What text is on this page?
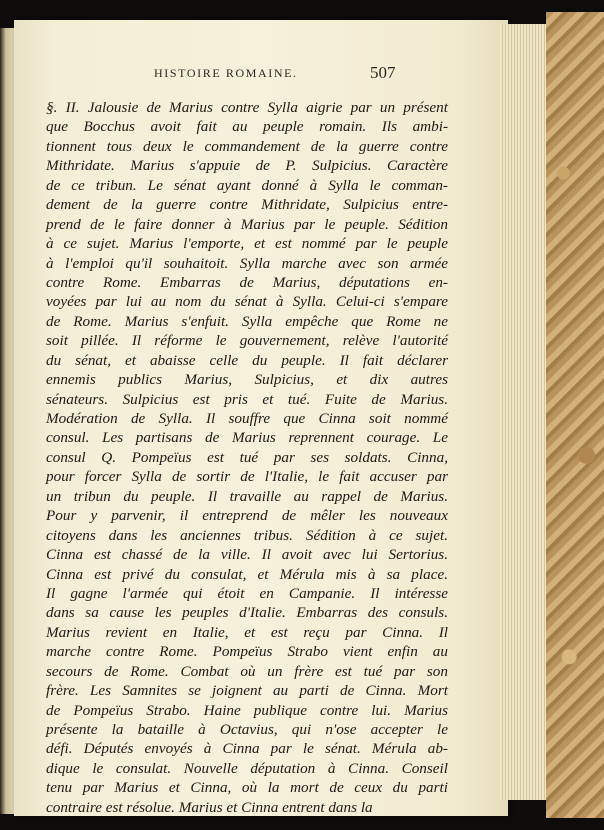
HISTOIRE ROMAINE.	507
§. II. Jalousie de Marius contre Sylla aigrie par un présent
que Bocchus avoit fait au peuple romain. Ils ambi-
tionnent tous deux le commandement de la guerre contre
Mithridate. Marius s'appuie de P. Sulpicius. Caractère
de ce tribun. Le sénat ayant donné à Sylla le comman-
dement de la guerre contre Mithridate, Sulpicius entre-
prend de le faire donner à Marius par le peuple. Sédition
à ce sujet. Marius l'emporte, et est nommé par le peuple
à l'emploi qu'il souhaitoit. Sylla marche avec son armée
contre Rome. Embarras de Marius, députations en-
voyées par lui au nom du sénat à Sylla. Celui-ci s'empare
de Rome. Marius s'enfuit. Sylla empêche que Rome ne
soit pillée. Il réforme le gouvernement, relève l'autorité
du sénat, et abaisse celle du peuple. Il fait déclarer
ennemis publics Marius, Sulpicius, et dix autres
sénateurs. Sulpicius est pris et tué. Fuite de Marius.
Modération de Sylla. Il souffre que Cinna soit nommé
consul. Les partisans de Marius reprennent courage. Le
consul Q. Pompeïus est tué par ses soldats. Cinna,
pour forcer Sylla de sortir de l'Italie, le fait accuser par
un tribun du peuple. Il travaille au rappel de Marius.
Pour y parvenir, il entreprend de mêler les nouveaux
citoyens dans les anciennes tribus. Sédition à ce sujet.
Cinna est chassé de la ville. Il avoit avec lui Sertorius.
Cinna est privé du consulat, et Mérula mis à sa place.
Il gagne l'armée qui étoit en Campanie. Il intéresse
dans sa cause les peuples d'Italie. Embarras des consuls.
Marius revient en Italie, et est reçu par Cinna. Il
marche contre Rome. Pompeïus Strabo vient enfin au
secours de Rome. Combat où un frère est tué par son
frère. Les Samnites se joignent au parti de Cinna. Mort
de Pompeïus Strabo. Haine publique contre lui. Marius
présente la bataille à Octavius, qui n'ose accepter le
défi. Députés envoyés à Cinna par le sénat. Mérula ab-
dique le consulat. Nouvelle députation à Cinna. Conseil
tenu par Marius et Cinna, où la mort de ceux du parti
contraire est résolue. Marius et Cinna entrent dans la
